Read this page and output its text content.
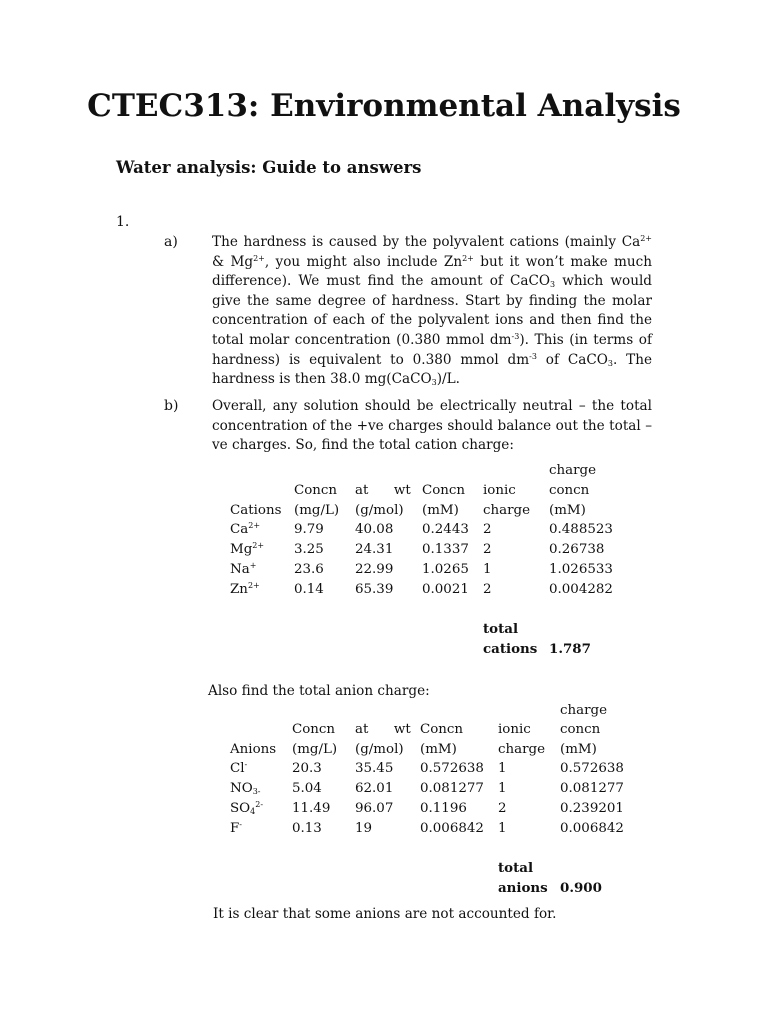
CTEC313: Environmental Analysis
Water analysis: Guide to answers
1.
a)	The hardness is caused by the polyvalent cations (mainly $Ca^{2+}$ & $Mg^{2+}$, you might also include $Zn^{2+}$ but it won’t make much difference). We must find the amount of CaCO$_3$ which would give the same degree of hardness. Start by finding the molar concentration of each of the polyvalent ions and then find the total molar concentration (0.380 mmol $dm^{-3}$). This (in terms of hardness) is equivalent to 0.380 mmol $dm^{-3}$ of CaCO$_3$. The hardness is then 38.0 mg(CaCO$_3$)/L.
b) Overall, any solution should be electrically neutral – the total concentration of the +ve charges should balance out the total –ve charges. So, find the total cation charge:
charge
Concn at      wt Concn ionic concn
Cations (mg/L) (g/mol) (mM) charge (mM)
$Ca^{2+}$	9.79 40.08 0.2443 2	0.488523
$Mg^{2+}$ 3.25 24.31 0.1337 2	0.26738
Na+	23.6 22.99 1.0265 1	1.026533
$Zn^{2+}$	0.14 65.39 0.0021 2	0.004282
total
cations 1.787
Also find the total anion charge:
charge
Concn at      wt Concn	ionic concn
Anions (mg/L) (g/mol) (mM)	charge (mM)
Cl-	20.3 35.45 0.572638 1	0.572638
$NO_{3-}$ 5.04 62.01 0.081277 1	0.081277
$SO_4^{2-}$ 11.49 96.07 0.1196 2	0.239201
F-	0.13 19	0.006842 1	0.006842
total
anions 0.900
It is clear that some anions are not accounted for.
